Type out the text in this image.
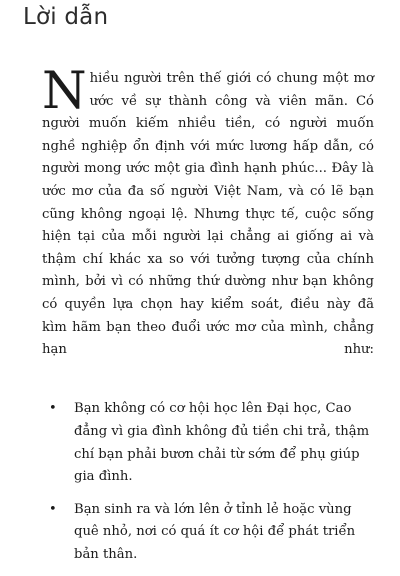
Lời dẫn

Nhiều người trên thế giới có chung một mơ ước về sự thành công và viên mãn. Có người muốn kiếm nhiều tiền, có người muốn nghề nghiệp ổn định với mức lương hấp dẫn, có người mong ước một gia đình hạnh phúc... Đây là ước mơ của đa số người Việt Nam, và có lẽ bạn cũng không ngoại lệ. Nhưng thực tế, cuộc sống hiện tại của mỗi người lại chẳng ai giống ai và thậm chí khác xa so với tưởng tượng của chính mình, bởi vì có những thứ dường như bạn không có quyền lựa chọn hay kiểm soát, điều này đã kìm hãm bạn theo đuổi ước mơ của mình, chẳng hạn như:

• Bạn không có cơ hội học lên Đại học, Cao đẳng vì gia đình không đủ tiền chi trả, thậm chí bạn phải bươn chải từ sớm để phụ giúp gia đình.
• Bạn sinh ra và lớn lên ở tỉnh lẻ hoặc vùng quê nhỏ, nơi có quá ít cơ hội để phát triển bản thân.
